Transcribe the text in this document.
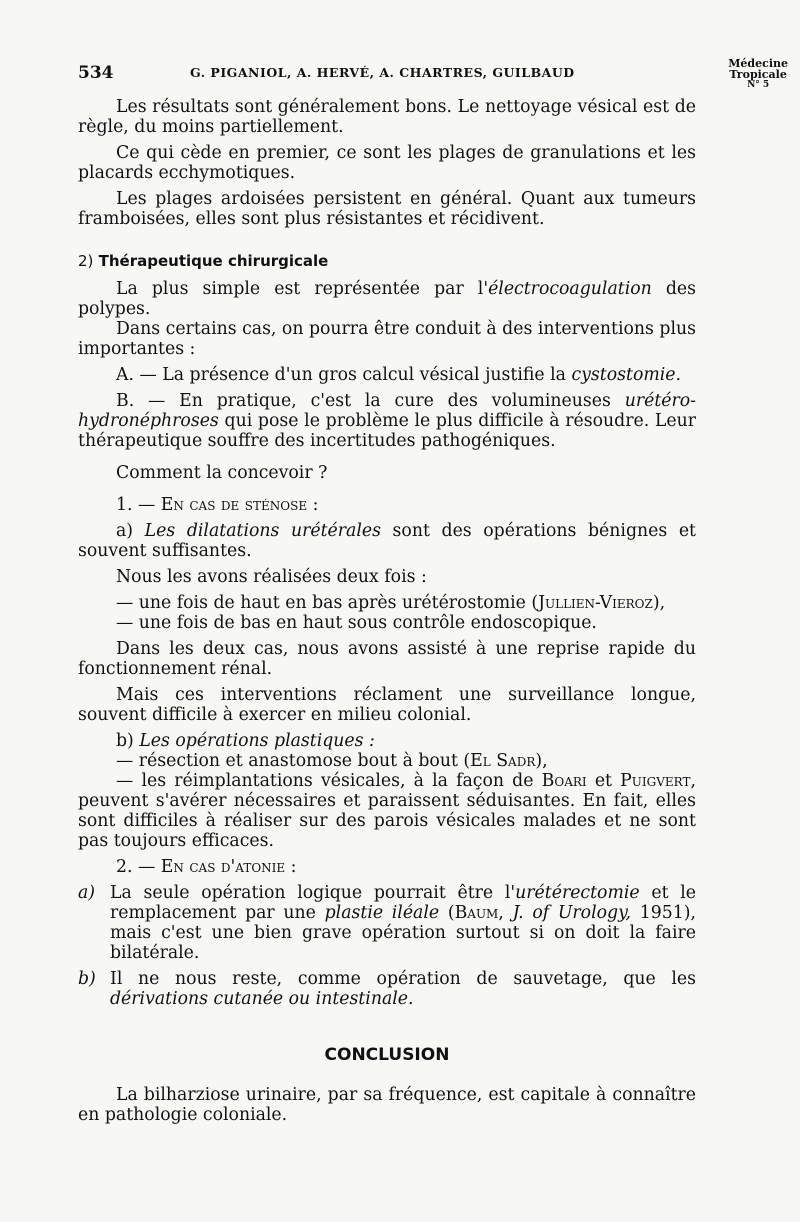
534	G. PIGANIOL, A. HERVÉ, A. CHARTRES, GUILBAUD
Médecine
Tropicale
N° 5

Les résultats sont généralement bons. Le nettoyage vésical est de règle, du moins partiellement.

Ce qui cède en premier, ce sont les plages de granulations et les placards ecchymotiques.

Les plages ardoisées persistent en général. Quant aux tumeurs framboisées, elles sont plus résistantes et récidivent.

2) Thérapeutique chirurgicale

La plus simple est représentée par l'électrocoagulation des polypes.

Dans certains cas, on pourra être conduit à des interventions plus importantes :

A. — La présence d'un gros calcul vésical justifie la cystostomie.

B. — En pratique, c'est la cure des volumineuses urétéro-hydronéphroses qui pose le problème le plus difficile à résoudre. Leur thérapeutique souffre des incertitudes pathogéniques.

Comment la concevoir ?

1. — En cas de sténose :

a) Les dilatations urétérales sont des opérations bénignes et souvent suffisantes.

Nous les avons réalisées deux fois :

— une fois de haut en bas après urétérostomie (Jullien-Vieroz),

— une fois de bas en haut sous contrôle endoscopique.

Dans les deux cas, nous avons assisté à une reprise rapide du fonctionnement rénal.

Mais ces interventions réclament une surveillance longue, souvent difficile à exercer en milieu colonial.

b) Les opérations plastiques :

— résection et anastomose bout à bout (El Sadr),

— les réimplantations vésicales, à la façon de Boari et Puigvert, peuvent s'avérer nécessaires et paraissent séduisantes. En fait, elles sont difficiles à réaliser sur des parois vésicales malades et ne sont pas toujours efficaces.

2. — En cas d'atonie :

a) La seule opération logique pourrait être l'urétérectomie et le remplacement par une plastie iléale (Baum, J. of Urology, 1951), mais c'est une bien grave opération surtout si on doit la faire bilatérale.

b) Il ne nous reste, comme opération de sauvetage, que les dérivations cutanée ou intestinale.

CONCLUSION

La bilharziose urinaire, par sa fréquence, est capitale à connaître en pathologie coloniale.
